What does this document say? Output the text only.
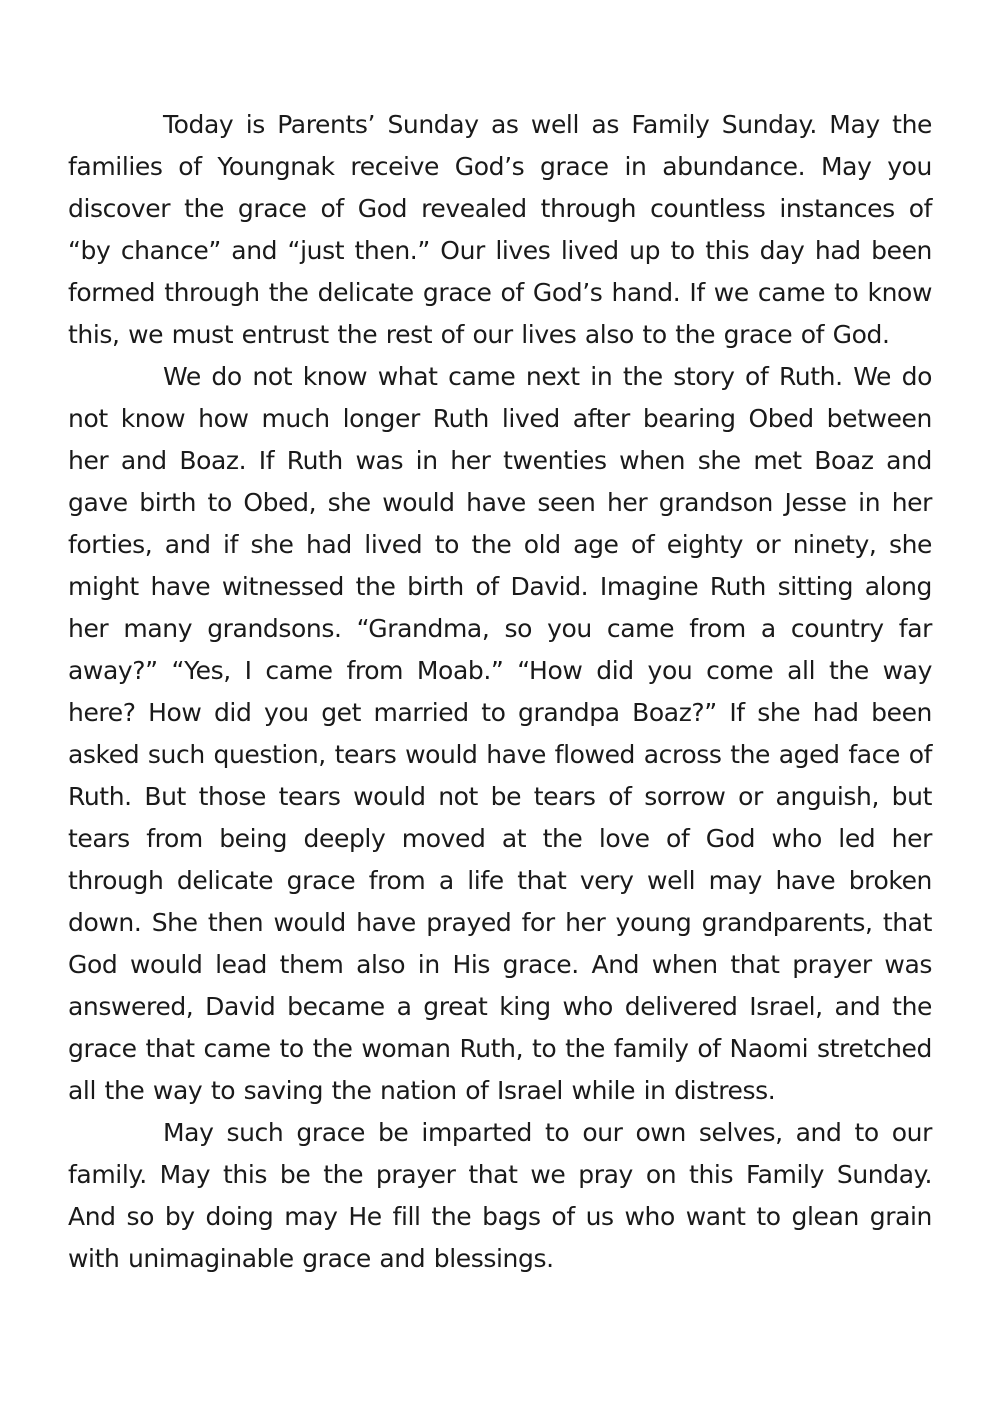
Today is Parents’ Sunday as well as Family Sunday. May the families of Youngnak receive God’s grace in abundance. May you discover the grace of God revealed through countless instances of “by chance” and “just then.” Our lives lived up to this day had been formed through the delicate grace of God’s hand. If we came to know this, we must entrust the rest of our lives also to the grace of God.

We do not know what came next in the story of Ruth. We do not know how much longer Ruth lived after bearing Obed between her and Boaz. If Ruth was in her twenties when she met Boaz and gave birth to Obed, she would have seen her grandson Jesse in her forties, and if she had lived to the old age of eighty or ninety, she might have witnessed the birth of David. Imagine Ruth sitting along her many grandsons. “Grandma, so you came from a country far away?” “Yes, I came from Moab.” “How did you come all the way here? How did you get married to grandpa Boaz?” If she had been asked such question, tears would have flowed across the aged face of Ruth. But those tears would not be tears of sorrow or anguish, but tears from being deeply moved at the love of God who led her through delicate grace from a life that very well may have broken down. She then would have prayed for her young grandparents, that God would lead them also in His grace. And when that prayer was answered, David became a great king who delivered Israel, and the grace that came to the woman Ruth, to the family of Naomi stretched all the way to saving the nation of Israel while in distress.

May such grace be imparted to our own selves, and to our family. May this be the prayer that we pray on this Family Sunday. And so by doing may He fill the bags of us who want to glean grain with unimaginable grace and blessings.
